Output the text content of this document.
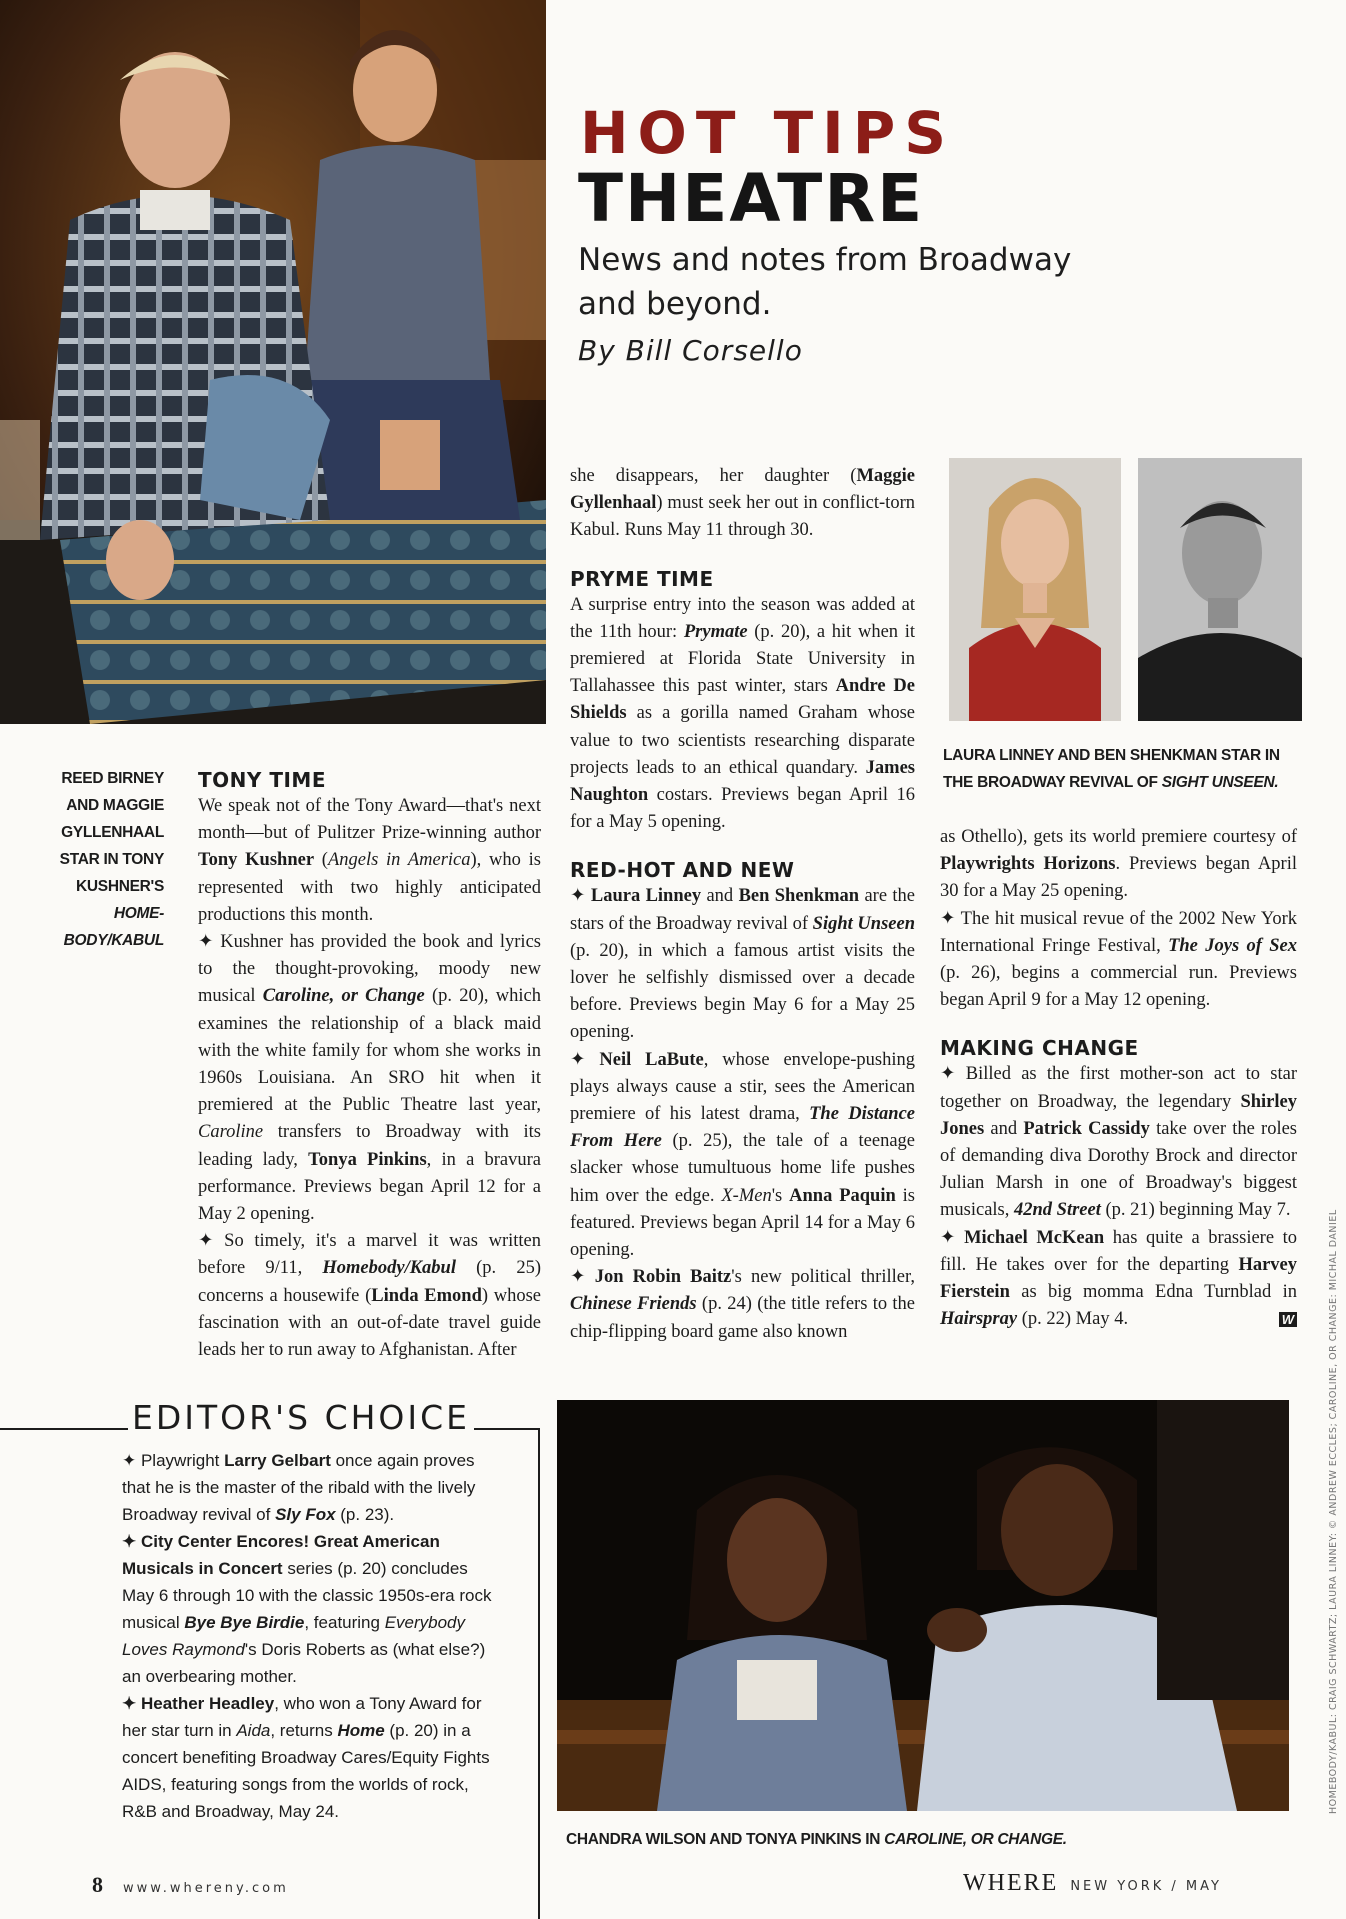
HOT TIPS
THEATRE
News and notes from Broadway
and beyond.
By Bill Corsello
LAURA LINNEY AND BEN SHENKMAN STAR IN
THE BROADWAY REVIVAL OF SIGHT UNSEEN.
REED BIRNEY
AND MAGGIE
GYLLENHAAL
STAR IN TONY
KUSHNER'S
HOME-
BODY/KABUL
TONY TIME

We speak not of the Tony Award—that's next month—but of Pulitzer Prize-winning author Tony Kushner (Angels in America), who is represented with two highly anticipated productions this month.

✦ Kushner has provided the book and lyrics to the thought-provoking, moody new musical Caroline, or Change (p. 20), which examines the relationship of a black maid with the white family for whom she works in 1960s Louisiana. An SRO hit when it premiered at the Public Theatre last year, Caroline transfers to Broadway with its leading lady, Tonya Pinkins, in a bravura performance. Previews began April 12 for a May 2 opening.

✦ So timely, it's a marvel it was written before 9/11, Homebody/Kabul (p. 25) concerns a housewife (Linda Emond) whose fascination with an out-of-date travel guide leads her to run away to Afghanistan. After

she disappears, her daughter (Maggie Gyllenhaal) must seek her out in conflict-torn Kabul. Runs May 11 through 30.

PRYME TIME

A surprise entry into the season was added at the 11th hour: Prymate (p. 20), a hit when it premiered at Florida State University in Tallahassee this past winter, stars Andre De Shields as a gorilla named Graham whose value to two scientists researching disparate projects leads to an ethical quandary. James Naughton costars. Previews began April 16 for a May 5 opening.

RED-HOT AND NEW

✦ Laura Linney and Ben Shenkman are the stars of the Broadway revival of Sight Unseen (p. 20), in which a famous artist visits the lover he selfishly dismissed over a decade before. Previews begin May 6 for a May 25 opening.

✦ Neil LaBute, whose envelope-pushing plays always cause a stir, sees the American premiere of his latest drama, The Distance From Here (p. 25), the tale of a teenage slacker whose tumultuous home life pushes him over the edge. X-Men's Anna Paquin is featured. Previews began April 14 for a May 6 opening.

✦ Jon Robin Baitz's new political thriller, Chinese Friends (p. 24) (the title refers to the chip-flipping board game also known

as Othello), gets its world premiere courtesy of Playwrights Horizons. Previews began April 30 for a May 25 opening.

✦ The hit musical revue of the 2002 New York International Fringe Festival, The Joys of Sex (p. 26), begins a commercial run. Previews began April 9 for a May 12 opening.

MAKING CHANGE

✦ Billed as the first mother-son act to star together on Broadway, the legendary Shirley Jones and Patrick Cassidy take over the roles of demanding diva Dorothy Brock and director Julian Marsh in one of Broadway's biggest musicals, 42nd Street (p. 21) beginning May 7.

✦ Michael McKean has quite a brassiere to fill. He takes over for the departing Harvey Fierstein as big momma Edna Turnblad in Hairspray (p. 22) May 4.	W

EDITOR'S CHOICE

✦ Playwright Larry Gelbart once again proves that he is the master of the ribald with the lively Broadway revival of Sly Fox (p. 23).

✦ City Center Encores! Great American Musicals in Concert series (p. 20) concludes May 6 through 10 with the classic 1950s-era rock musical Bye Bye Birdie, featuring Everybody Loves Raymond's Doris Roberts as (what else?) an overbearing mother.

✦ Heather Headley, who won a Tony Award for her star turn in Aida, returns Home (p. 20) in a concert benefiting Broadway Cares/Equity Fights AIDS, featuring songs from the worlds of rock, R&B and Broadway, May 24.

CHANDRA WILSON AND TONYA PINKINS IN CAROLINE, OR CHANGE.
HOMEBODY/KABUL: CRAIG SCHWARTZ; LAURA LINNEY: © ANDREW ECCLES; CAROLINE, OR CHANGE: MICHAL DANIEL
8 www.whereny.com	WHERE NEW YORK / MAY
